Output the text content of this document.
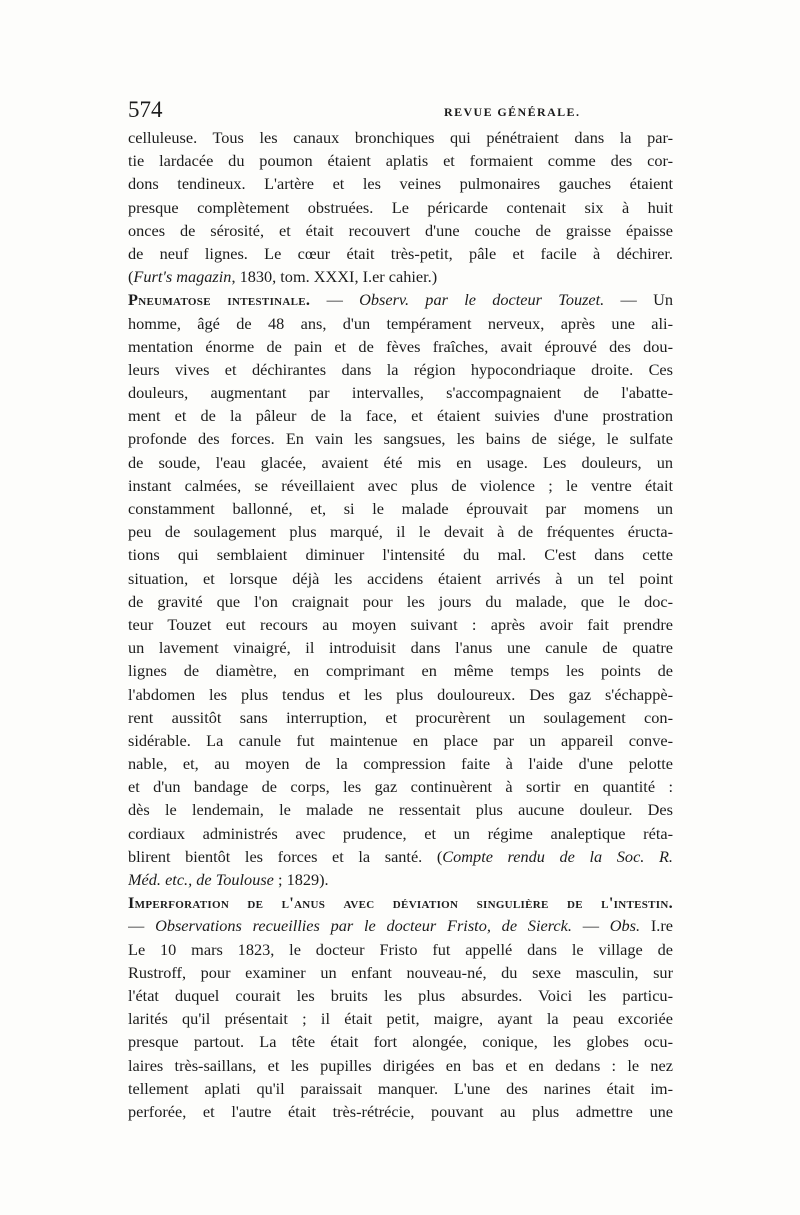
574	REVUE GÉNÉRALE.
celluleuse. Tous les canaux bronchiques qui pénétraient dans la par-
tie lardacée du poumon étaient aplatis et formaient comme des cor-
dons tendineux. L'artère et les veines pulmonaires gauches étaient
presque complètement obstruées. Le péricarde contenait six à huit
onces de sérosité, et était recouvert d'une couche de graisse épaisse
de neuf lignes. Le cœur était très-petit, pâle et facile à déchirer.
(Furt's magazin, 1830, tom. XXXI, I.er cahier.)
Pneumatose intestinale. — Observ. par le docteur Touzet. — Un
homme, âgé de 48 ans, d'un tempérament nerveux, après une ali-
mentation énorme de pain et de fèves fraîches, avait éprouvé des dou-
leurs vives et déchirantes dans la région hypocondriaque droite. Ces
douleurs, augmentant par intervalles, s'accompagnaient de l'abatte-
ment et de la pâleur de la face, et étaient suivies d'une prostration
profonde des forces. En vain les sangsues, les bains de siége, le sulfate
de soude, l'eau glacée, avaient été mis en usage. Les douleurs, un
instant calmées, se réveillaient avec plus de violence ; le ventre était
constamment ballonné, et, si le malade éprouvait par momens un
peu de soulagement plus marqué, il le devait à de fréquentes éructa-
tions qui semblaient diminuer l'intensité du mal. C'est dans cette
situation, et lorsque déjà les accidens étaient arrivés à un tel point
de gravité que l'on craignait pour les jours du malade, que le doc-
teur Touzet eut recours au moyen suivant : après avoir fait prendre
un lavement vinaigré, il introduisit dans l'anus une canule de quatre
lignes de diamètre, en comprimant en même temps les points de
l'abdomen les plus tendus et les plus douloureux. Des gaz s'échappè-
rent aussitôt sans interruption, et procurèrent un soulagement con-
sidérable. La canule fut maintenue en place par un appareil conve-
nable, et, au moyen de la compression faite à l'aide d'une pelotte
et d'un bandage de corps, les gaz continuèrent à sortir en quantité :
dès le lendemain, le malade ne ressentait plus aucune douleur. Des
cordiaux administrés avec prudence, et un régime analeptique réta-
blirent bientôt les forces et la santé. (Compte rendu de la Soc. R.
Méd. etc., de Toulouse ; 1829).
Imperforation de l'anus avec déviation singulière de l'intestin.
— Observations recueillies par le docteur Fristo, de Sierck. — Obs. I.re
Le 10 mars 1823, le docteur Fristo fut appellé dans le village de
Rustroff, pour examiner un enfant nouveau-né, du sexe masculin, sur
l'état duquel courait les bruits les plus absurdes. Voici les particu-
larités qu'il présentait ; il était petit, maigre, ayant la peau excoriée
presque partout. La tête était fort alongée, conique, les globes ocu-
laires très-saillans, et les pupilles dirigées en bas et en dedans : le nez
tellement aplati qu'il paraissait manquer. L'une des narines était im-
perforée, et l'autre était très-rétrécie, pouvant au plus admettre une
